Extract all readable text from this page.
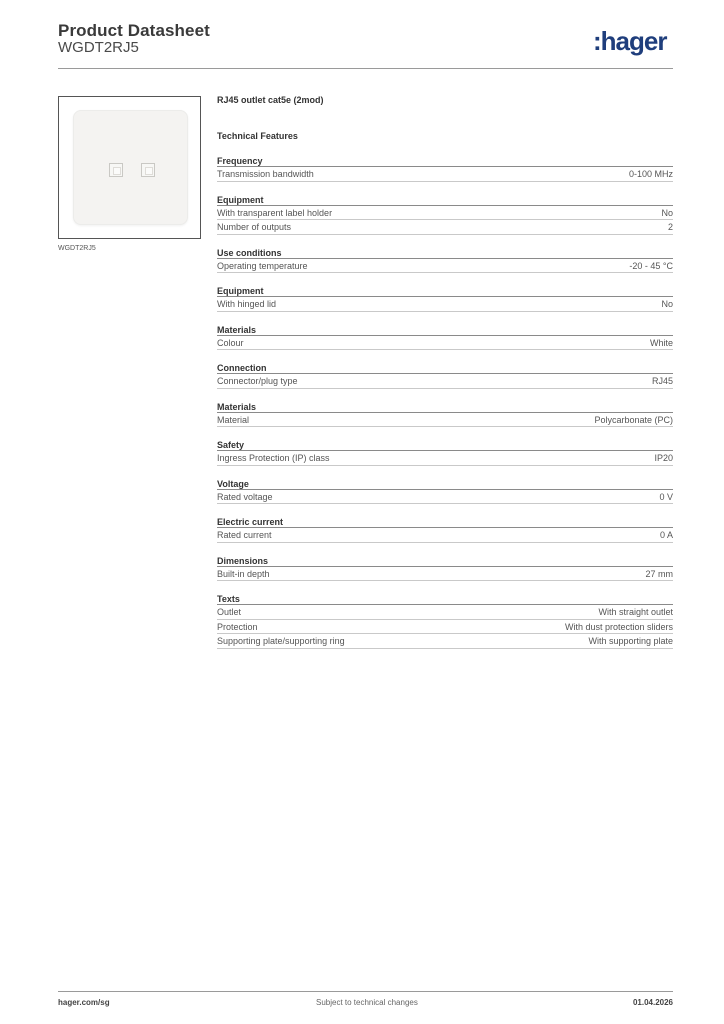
Product Datasheet
WGDT2RJ5	:hager
WGDT2RJ5
RJ45 outlet cat5e (2mod)
Technical Features
Frequency
Transmission bandwidth	0-100 MHz
Equipment
With transparent label holder	No
Number of outputs	2
Use conditions
Operating temperature	-20 - 45 °C
Equipment
With hinged lid	No
Materials
Colour	White
Connection
Connector/plug type	RJ45
Materials
Material	Polycarbonate (PC)
Safety
Ingress Protection (IP) class	IP20
Voltage
Rated voltage	0 V
Electric current
Rated current	0 A
Dimensions
Built-in depth	27 mm
Texts
Outlet	With straight outlet
Protection	With dust protection sliders
Supporting plate/supporting ring	With supporting plate
hager.com/sg	Subject to technical changes	01.04.2026
